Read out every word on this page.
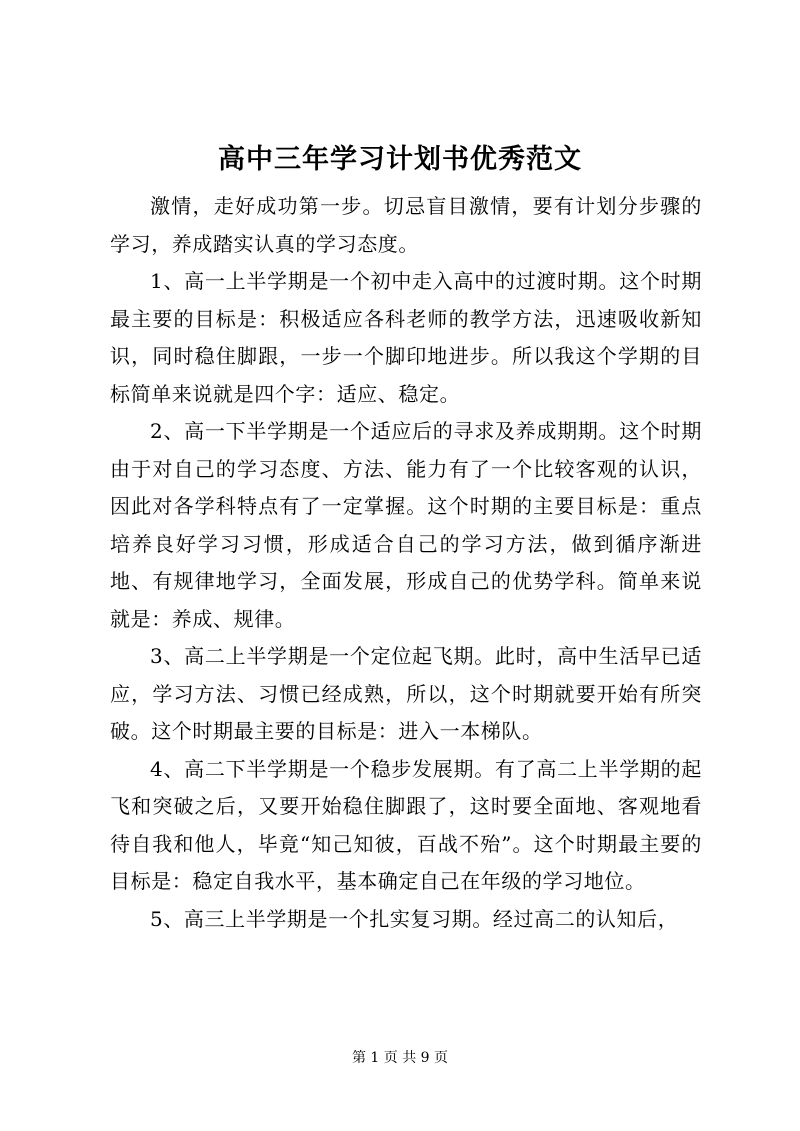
高中三年学习计划书优秀范文

激情，走好成功第一步。切忌盲目激情，要有计划分步骤的学习，养成踏实认真的学习态度。

1、高一上半学期是一个初中走入高中的过渡时期。这个时期最主要的目标是：积极适应各科老师的教学方法，迅速吸收新知识，同时稳住脚跟，一步一个脚印地进步。所以我这个学期的目标简单来说就是四个字：适应、稳定。

2、高一下半学期是一个适应后的寻求及养成期期。这个时期由于对自己的学习态度、方法、能力有了一个比较客观的认识，因此对各学科特点有了一定掌握。这个时期的主要目标是：重点培养良好学习习惯，形成适合自己的学习方法，做到循序渐进地、有规律地学习，全面发展，形成自己的优势学科。简单来说就是：养成、规律。

3、高二上半学期是一个定位起飞期。此时，高中生活早已适应，学习方法、习惯已经成熟，所以，这个时期就要开始有所突破。这个时期最主要的目标是：进入一本梯队。

4、高二下半学期是一个稳步发展期。有了高二上半学期的起飞和突破之后，又要开始稳住脚跟了，这时要全面地、客观地看待自我和他人，毕竟“知己知彼，百战不殆”。这个时期最主要的目标是：稳定自我水平，基本确定自己在年级的学习地位。

5、高三上半学期是一个扎实复习期。经过高二的认知后，

第 1 页 共 9 页
